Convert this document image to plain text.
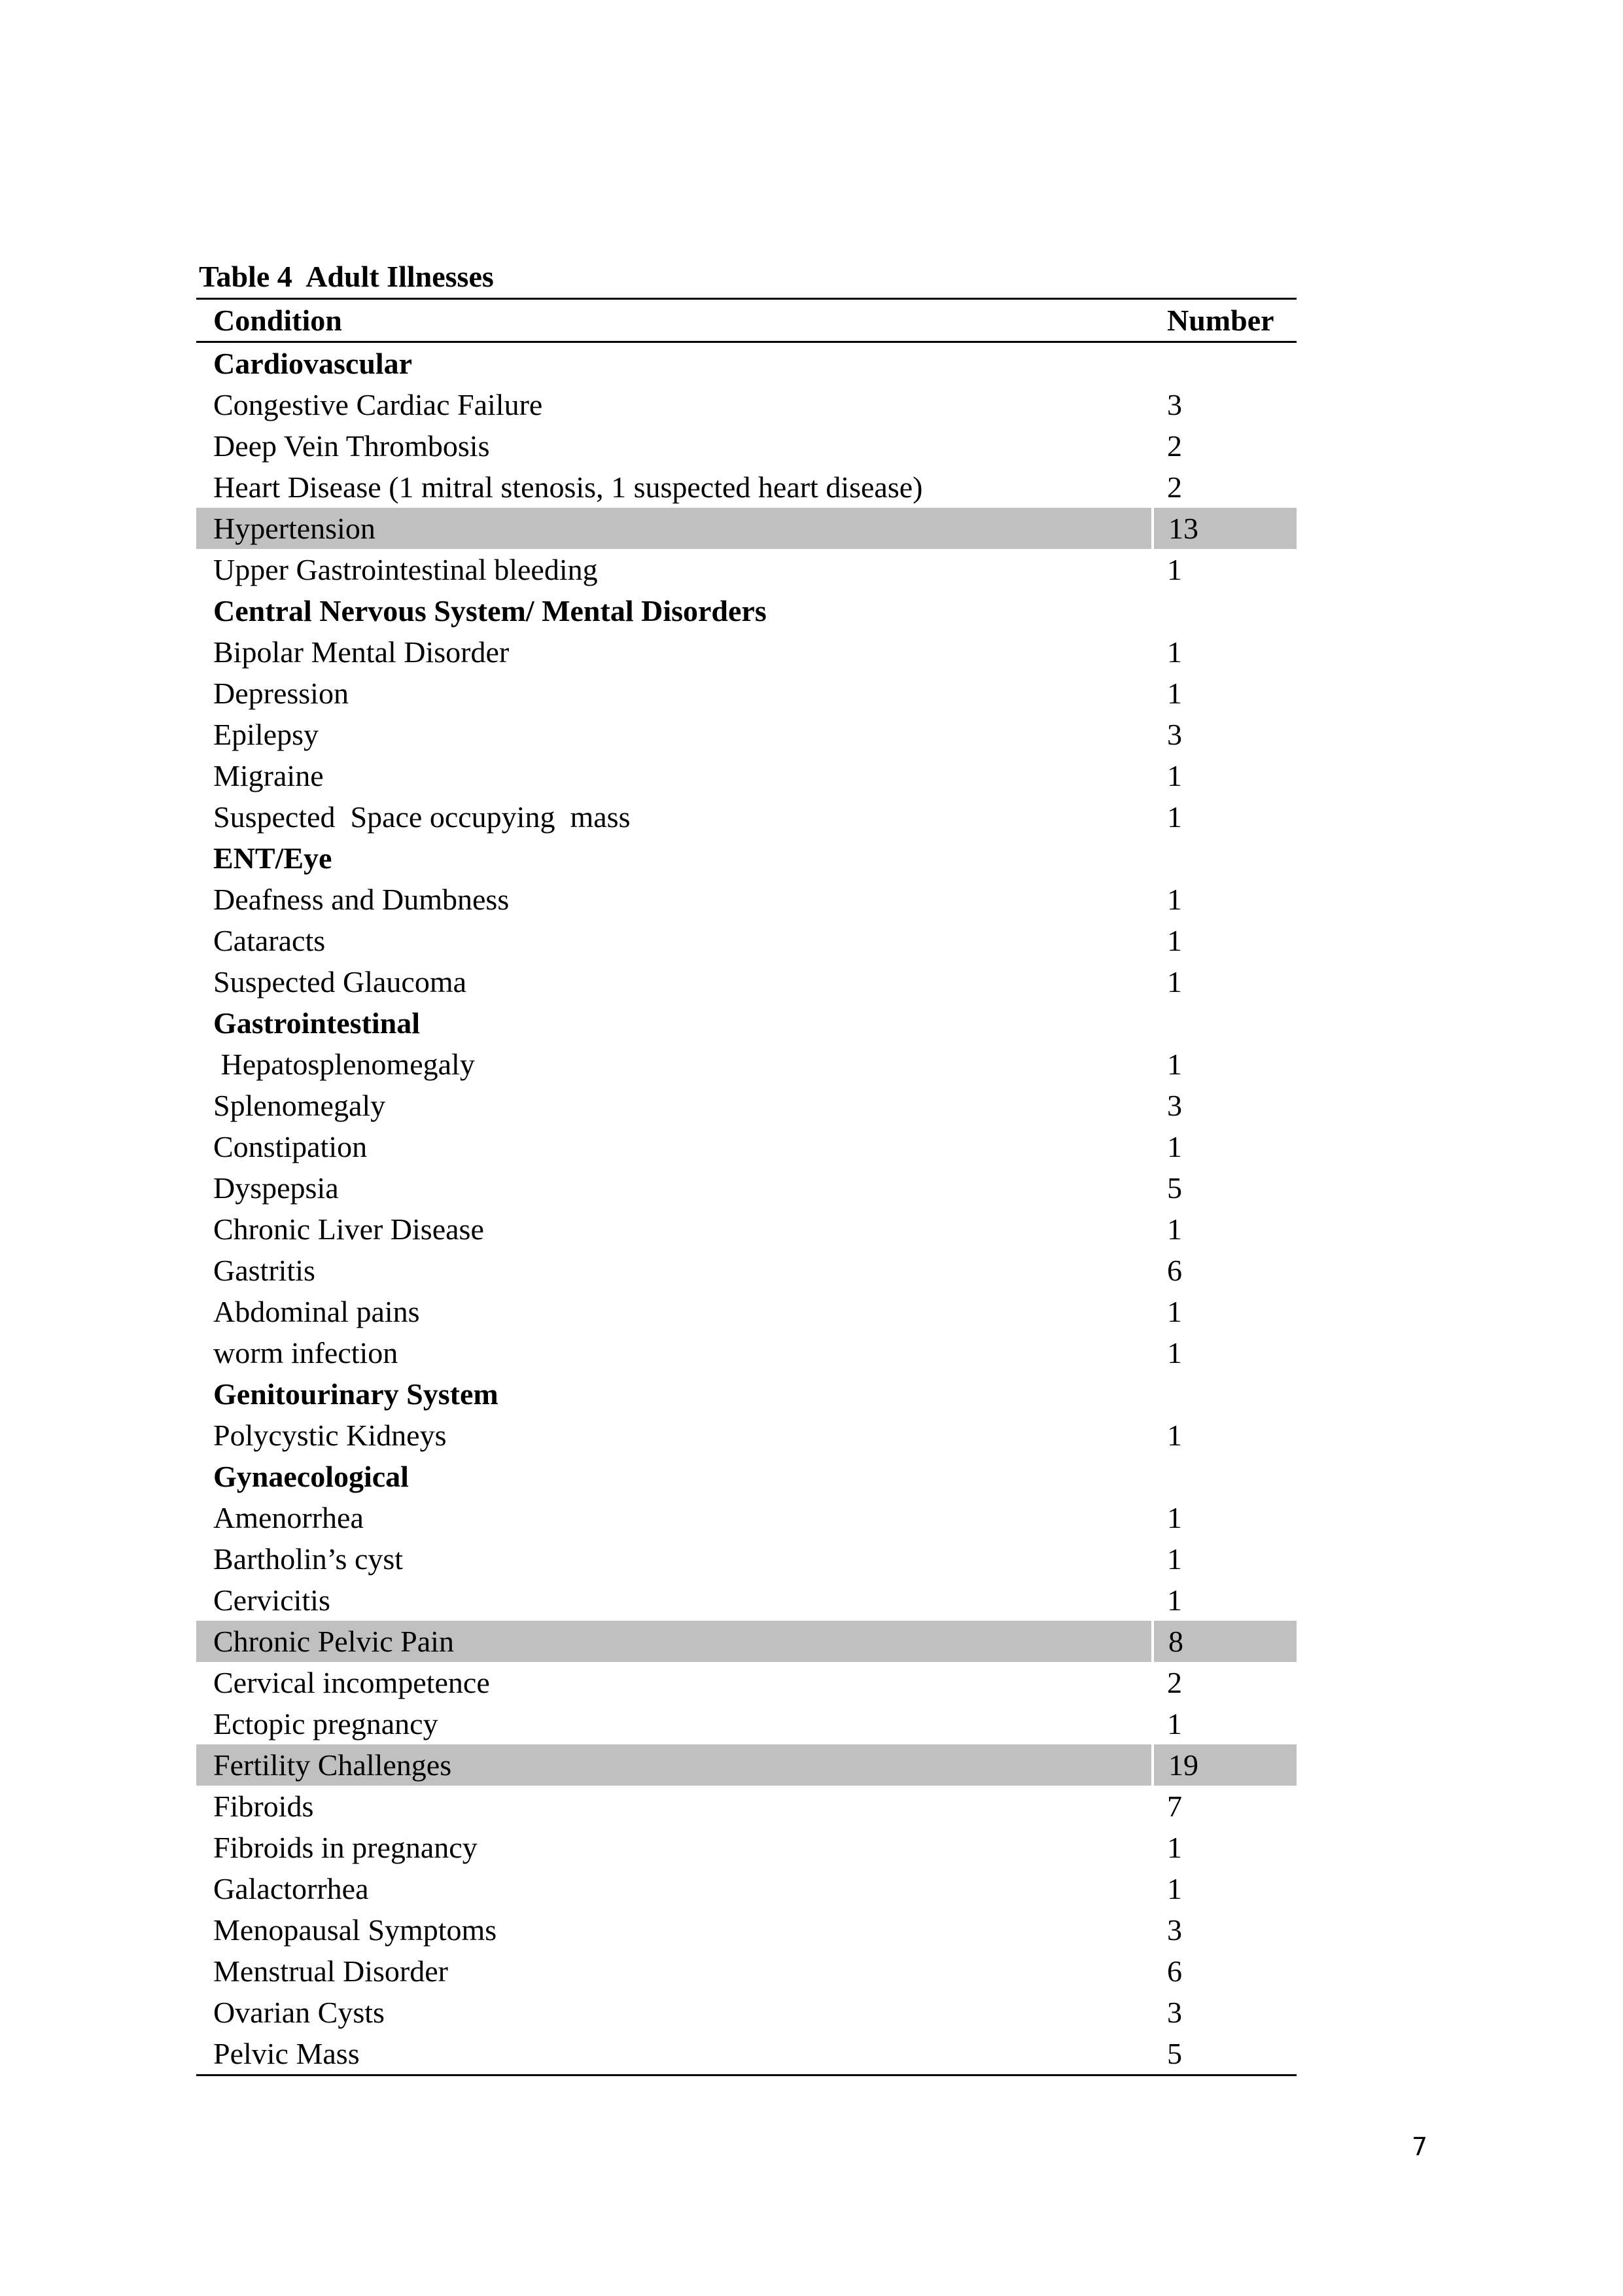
Table 4  Adult Illnesses
Condition	Number
Cardiovascular	
Congestive Cardiac Failure	3
Deep Vein Thrombosis	2
Heart Disease (1 mitral stenosis, 1 suspected heart disease)	2
Hypertension	13
Upper Gastrointestinal bleeding	1
Central Nervous System/ Mental Disorders	
Bipolar Mental Disorder	1
Depression	1
Epilepsy	3
Migraine	1
Suspected  Space occupying  mass	1
ENT/Eye	
Deafness and Dumbness	1
Cataracts	1
Suspected Glaucoma	1
Gastrointestinal	
Hepatosplenomegaly	1
Splenomegaly	3
Constipation	1
Dyspepsia	5
Chronic Liver Disease	1
Gastritis	6
Abdominal pains	1
worm infection	1
Genitourinary System	
Polycystic Kidneys	1
Gynaecological	
Amenorrhea	1
Bartholin’s cyst	1
Cervicitis	1
Chronic Pelvic Pain	8
Cervical incompetence	2
Ectopic pregnancy	1
Fertility Challenges	19
Fibroids	7
Fibroids in pregnancy	1
Galactorrhea	1
Menopausal Symptoms	3
Menstrual Disorder	6
Ovarian Cysts	3
Pelvic Mass	5
7
